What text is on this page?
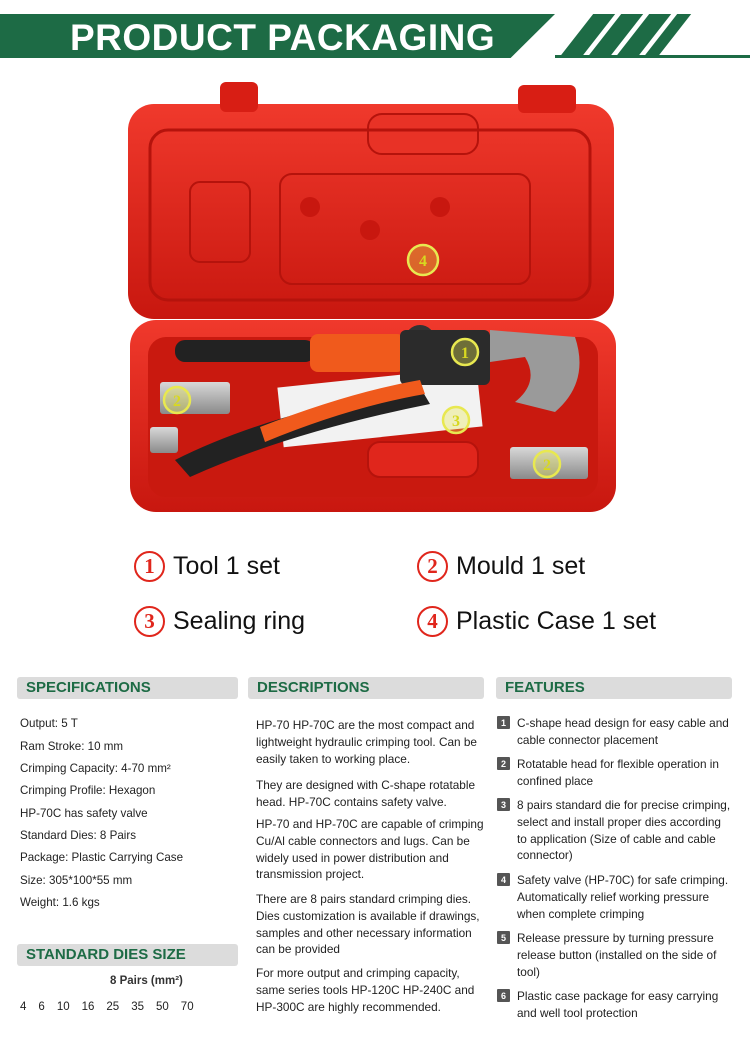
PRODUCT PACKAGING
1
2
2
3
4
1 Tool 1 set	2 Mould 1 set
3 Sealing ring	4 Plastic Case 1 set
SPECIFICATIONS
Output: 5 T
Ram Stroke: 10 mm
Crimping Capacity: 4-70 mm²
Crimping Profile: Hexagon
HP-70C has safety valve
Standard Dies: 8 Pairs
Package: Plastic Carrying Case
Size: 305*100*55 mm
Weight: 1.6 kgs
STANDARD DIES SIZE
8 Pairs (mm²)
4 6 10 16 25 35 50 70
DESCRIPTIONS
HP-70 HP-70C are the most compact and lightweight hydraulic crimping tool. Can be easily taken to working place.
They are designed with C-shape rotatable head. HP-70C contains safety valve.
HP-70 and HP-70C are capable of crimping Cu/Al cable connectors and lugs. Can be widely used in power distribution and transmission project.
There are 8 pairs standard crimping dies. Dies customization is available if drawings, samples and other necessary information can be provided
For more output and crimping capacity, same series tools HP-120C HP-240C and HP-300C are highly recommended.
FEATURES
1 C-shape head design for easy cable and cable connector placement
2 Rotatable head for flexible operation in confined place
3 8 pairs standard die for precise crimping, select and install proper dies according to application (Size of cable and cable connector)
4 Safety valve (HP-70C) for safe crimping. Automatically relief working pressure when complete crimping
5 Release pressure by turning pressure release button (installed on the side of tool)
6 Plastic case package for easy carrying and well tool protection
